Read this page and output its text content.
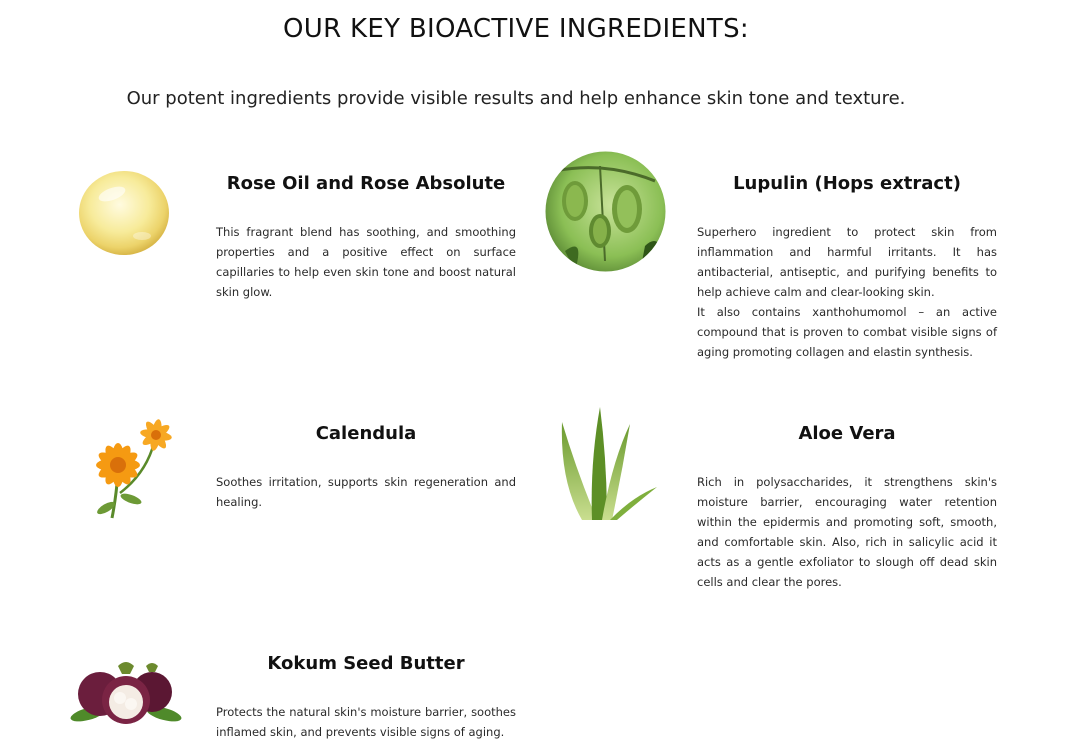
OUR KEY BIOACTIVE INGREDIENTS:

Our potent ingredients provide visible results and help enhance skin tone and texture.

Rose Oil and Rose Absolute

This fragrant blend has soothing, and smoothing properties and a positive effect on surface capillaries to help even skin tone and boost natural skin glow.

Lupulin (Hops extract)

Superhero ingredient to protect skin from inflammation and harmful irritants. It has antibacterial, antiseptic, and purifying benefits to help achieve calm and clear-looking skin.

It also contains xanthohumomol – an active compound that is proven to combat visible signs of aging promoting collagen and elastin synthesis.

Calendula

Soothes irritation, supports skin regeneration and healing.

Aloe Vera

Rich in polysaccharides, it strengthens skin's moisture barrier, encouraging water retention within the epidermis and promoting soft, smooth, and comfortable skin. Also, rich in salicylic acid it acts as a gentle exfoliator to slough off dead skin cells and clear the pores.

Kokum Seed Butter

Protects the natural skin's moisture barrier, soothes inflamed skin, and prevents visible signs of aging.
